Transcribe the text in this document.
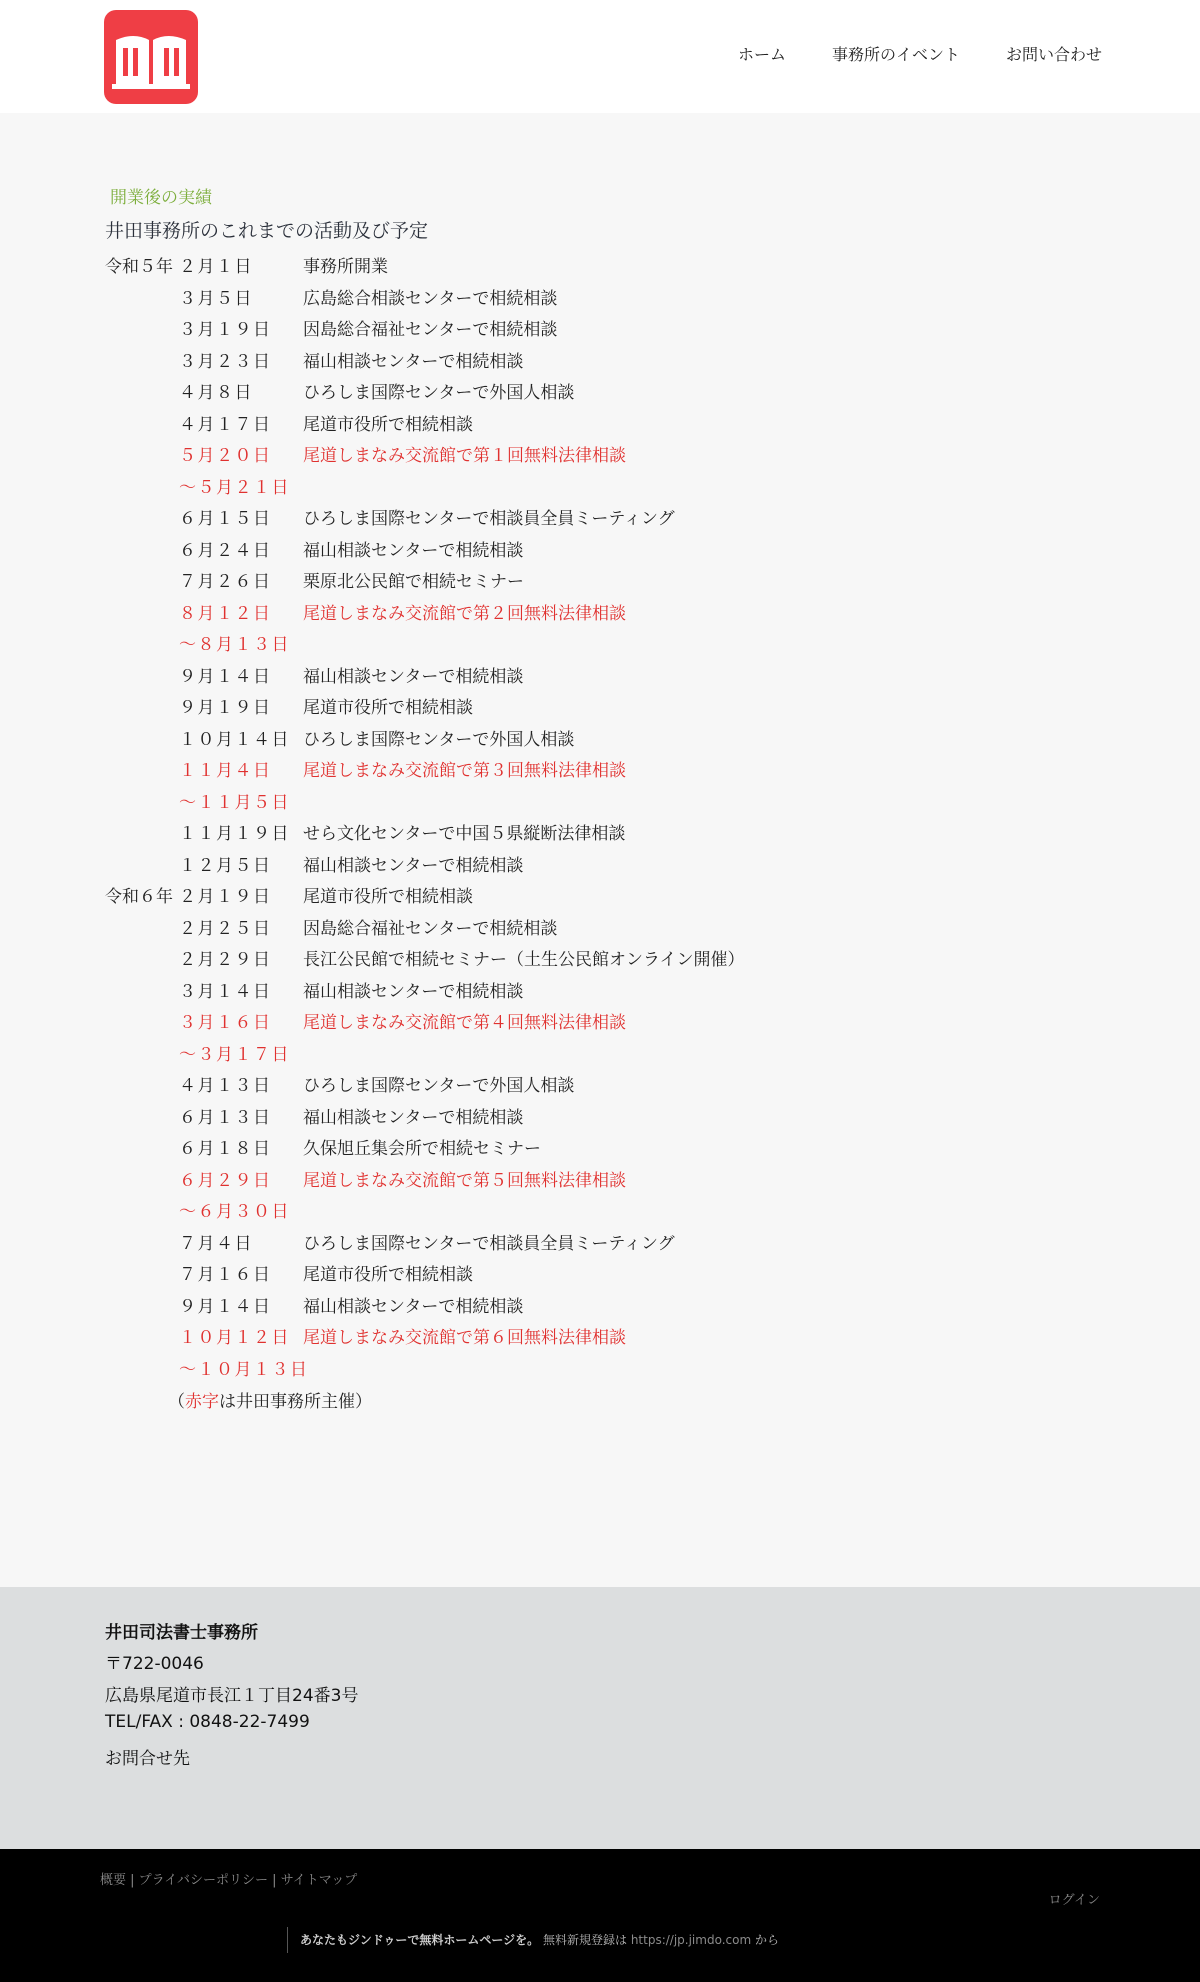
ホーム	事務所のイベント	お問い合わせ
開業後の実績
井田事務所のこれまでの活動及び予定
令和５年 ２月１日	事務所開業
３月５日	広島総合相談センターで相続相談
３月１９日	因島総合福祉センターで相続相談
３月２３日	福山相談センターで相続相談
４月８日	ひろしま国際センターで外国人相談
４月１７日	尾道市役所で相続相談
５月２０日	尾道しまなみ交流館で第１回無料法律相談
～５月２１日
６月１５日	ひろしま国際センターで相談員全員ミーティング
６月２４日	福山相談センターで相続相談
７月２６日	栗原北公民館で相続セミナー
８月１２日	尾道しまなみ交流館で第２回無料法律相談
～８月１３日
９月１４日	福山相談センターで相続相談
９月１９日	尾道市役所で相続相談
１０月１４日 ひろしま国際センターで外国人相談
１１月４日	尾道しまなみ交流館で第３回無料法律相談
～１１月５日
１１月１９日 せら文化センターで中国５県縦断法律相談
１２月５日	福山相談センターで相続相談
令和６年 ２月１９日	尾道市役所で相続相談
２月２５日	因島総合福祉センターで相続相談
２月２９日	長江公民館で相続セミナー（土生公民館オンライン開催）
３月１４日	福山相談センターで相続相談
３月１６日	尾道しまなみ交流館で第４回無料法律相談
～３月１７日
４月１３日	ひろしま国際センターで外国人相談
６月１３日	福山相談センターで相続相談
６月１８日	久保旭丘集会所で相続セミナー
６月２９日	尾道しまなみ交流館で第５回無料法律相談
～６月３０日
７月４日	ひろしま国際センターで相談員全員ミーティング
７月１６日	尾道市役所で相続相談
９月１４日	福山相談センターで相続相談
１０月１２日 尾道しまなみ交流館で第６回無料法律相談
～１０月１３日
（赤字は井田事務所主催）
井田司法書士事務所
〒722-0046
広島県尾道市長江１丁目24番3号
TEL/FAX : 0848-22-7499
お問合せ先
概要 | プライバシーポリシー | サイトマップ
ログイン
あなたもジンドゥーで無料ホームページを。 無料新規登録は https://jp.jimdo.com から
